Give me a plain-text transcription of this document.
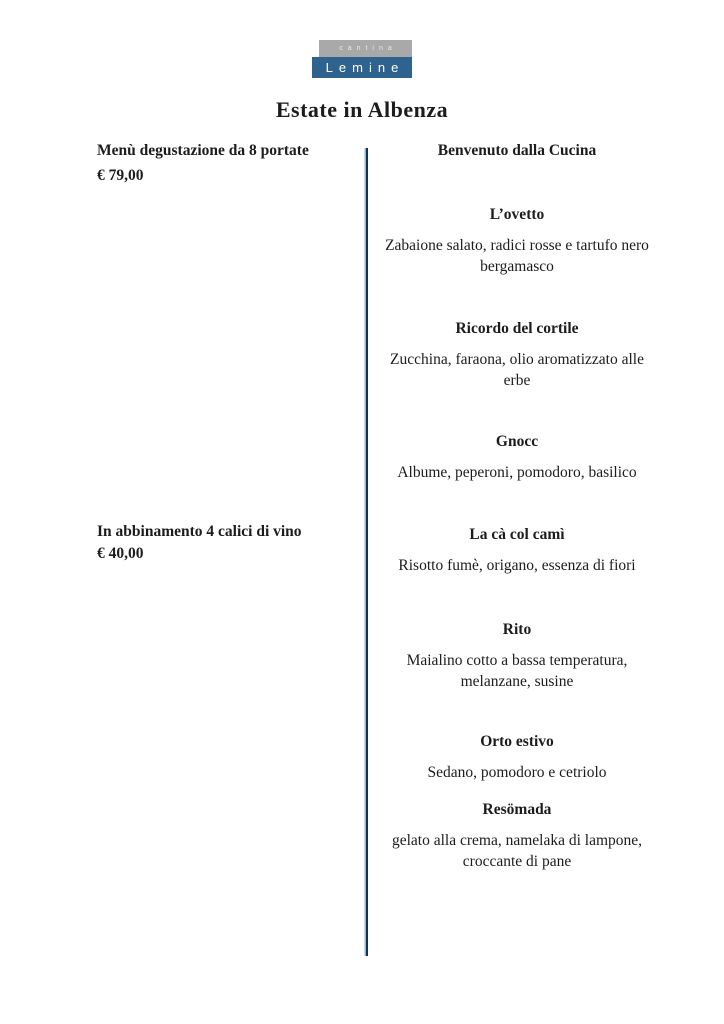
cantina
Lemine
Estate in Albenza
Menù degustazione da 8 portate
€ 79,00
In abbinamento 4 calici di vino
€ 40,00
Benvenuto dalla Cucina
L’ovetto
Zabaione salato, radici rosse e tartufo nero bergamasco
Ricordo del cortile
Zucchina, faraona, olio aromatizzato alle erbe
Gnocc
Albume, peperoni, pomodoro, basilico
La cà col camì
Risotto fumè, origano, essenza di fiori
Rito
Maialino cotto a bassa temperatura, melanzane, susine
Orto estivo
Sedano, pomodoro e cetriolo
Resömada
gelato alla crema, namelaka di lampone, croccante di pane
